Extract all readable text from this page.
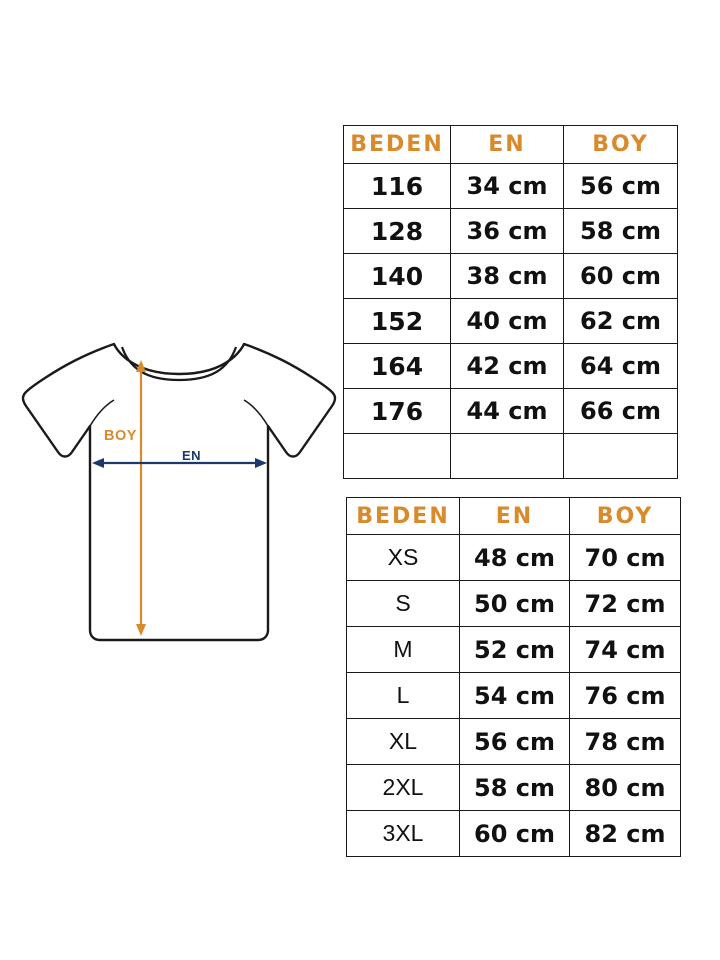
BOY
EN
BEDEN	EN	BOY
116	34 cm	56 cm
128	36 cm	58 cm
140	38 cm	60 cm
152	40 cm	62 cm
164	42 cm	64 cm
176	44 cm	66 cm

BEDEN	EN	BOY
XS	48 cm	70 cm
S	50 cm	72 cm
M	52 cm	74 cm
L	54 cm	76 cm
XL	56 cm	78 cm
2XL	58 cm	80 cm
3XL	60 cm	82 cm
